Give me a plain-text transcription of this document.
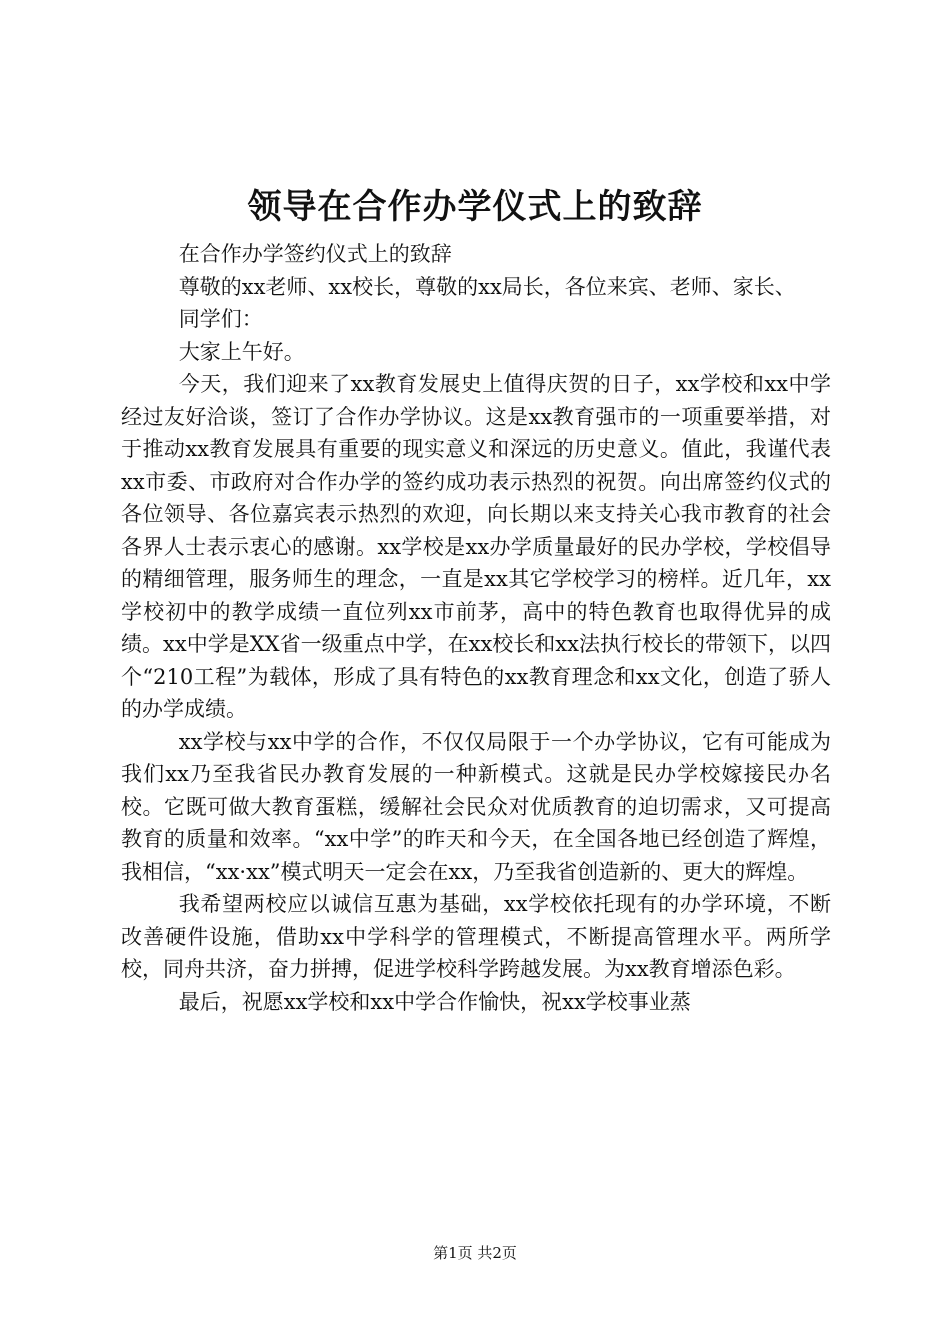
领导在合作办学仪式上的致辞

在合作办学签约仪式上的致辞

尊敬的xx老师、xx校长，尊敬的xx局长，各位来宾、老师、家长、

同学们：

大家上午好。

今天，我们迎来了xx教育发展史上值得庆贺的日子，xx学校和xx中学经过友好洽谈，签订了合作办学协议。这是xx教育强市的一项重要举措，对于推动xx教育发展具有重要的现实意义和深远的历史意义。值此，我谨代表xx市委、市政府对合作办学的签约成功表示热烈的祝贺。向出席签约仪式的各位领导、各位嘉宾表示热烈的欢迎，向长期以来支持关心我市教育的社会各界人士表示衷心的感谢。xx学校是xx办学质量最好的民办学校，学校倡导的精细管理，服务师生的理念，一直是xx其它学校学习的榜样。近几年，xx学校初中的教学成绩一直位列xx市前茅，高中的特色教育也取得优异的成绩。xx中学是XX省一级重点中学，在xx校长和xx法执行校长的带领下，以四个“210工程”为载体，形成了具有特色的xx教育理念和xx文化，创造了骄人的办学成绩。

xx学校与xx中学的合作，不仅仅局限于一个办学协议，它有可能成为我们xx乃至我省民办教育发展的一种新模式。这就是民办学校嫁接民办名校。它既可做大教育蛋糕，缓解社会民众对优质教育的迫切需求，又可提高教育的质量和效率。“xx中学”的昨天和今天，在全国各地已经创造了辉煌，我相信，“xx·xx”模式明天一定会在xx，乃至我省创造新的、更大的辉煌。

我希望两校应以诚信互惠为基础，xx学校依托现有的办学环境，不断改善硬件设施，借助xx中学科学的管理模式，不断提高管理水平。两所学校，同舟共济，奋力拼搏，促进学校科学跨越发展。为xx教育增添色彩。

最后，祝愿xx学校和xx中学合作愉快，祝xx学校事业蒸

第1页 共2页
